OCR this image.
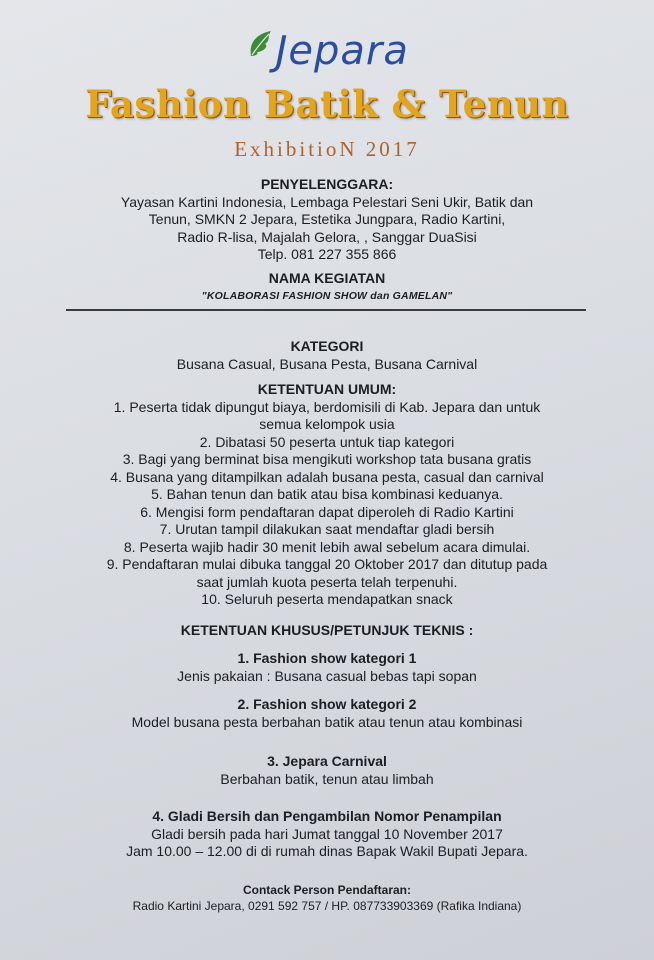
Jepara
Fashion Batik & Tenun
ExhibitioN 2017
PENYELENGGARA:
Yayasan Kartini Indonesia, Lembaga Pelestari Seni Ukir, Batik dan
Tenun, SMKN 2 Jepara, Estetika Jungpara, Radio Kartini,
Radio R-lisa, Majalah Gelora, , Sanggar DuaSisi
Telp. 081 227 355 866
NAMA KEGIATAN
"KOLABORASI FASHION SHOW dan GAMELAN"
KATEGORI
Busana Casual, Busana Pesta, Busana Carnival
KETENTUAN UMUM:
1. Peserta tidak dipungut biaya, berdomisili di Kab. Jepara dan untuk
semua kelompok usia
2. Dibatasi 50 peserta untuk tiap kategori
3. Bagi yang berminat bisa mengikuti workshop tata busana gratis
4. Busana yang ditampilkan adalah busana pesta, casual dan carnival
5. Bahan tenun dan batik atau bisa kombinasi keduanya.
6. Mengisi form pendaftaran dapat diperoleh di Radio Kartini
7. Urutan tampil dilakukan saat mendaftar gladi bersih
8. Peserta wajib hadir 30 menit lebih awal sebelum acara dimulai.
9. Pendaftaran mulai dibuka tanggal 20 Oktober 2017 dan ditutup pada
saat jumlah kuota peserta telah terpenuhi.
10. Seluruh peserta mendapatkan snack
KETENTUAN KHUSUS/PETUNJUK TEKNIS :
1. Fashion show kategori 1
Jenis pakaian : Busana casual bebas tapi sopan
2. Fashion show kategori 2
Model busana pesta berbahan batik atau tenun atau kombinasi
3. Jepara Carnival
Berbahan batik, tenun atau limbah
4. Gladi Bersih dan Pengambilan Nomor Penampilan
Gladi bersih pada hari Jumat tanggal 10 November 2017
Jam 10.00 – 12.00 di di rumah dinas Bapak Wakil Bupati Jepara.
Contack Person Pendaftaran:
Radio Kartini Jepara, 0291 592 757 / HP. 087733903369 (Rafika Indiana)
